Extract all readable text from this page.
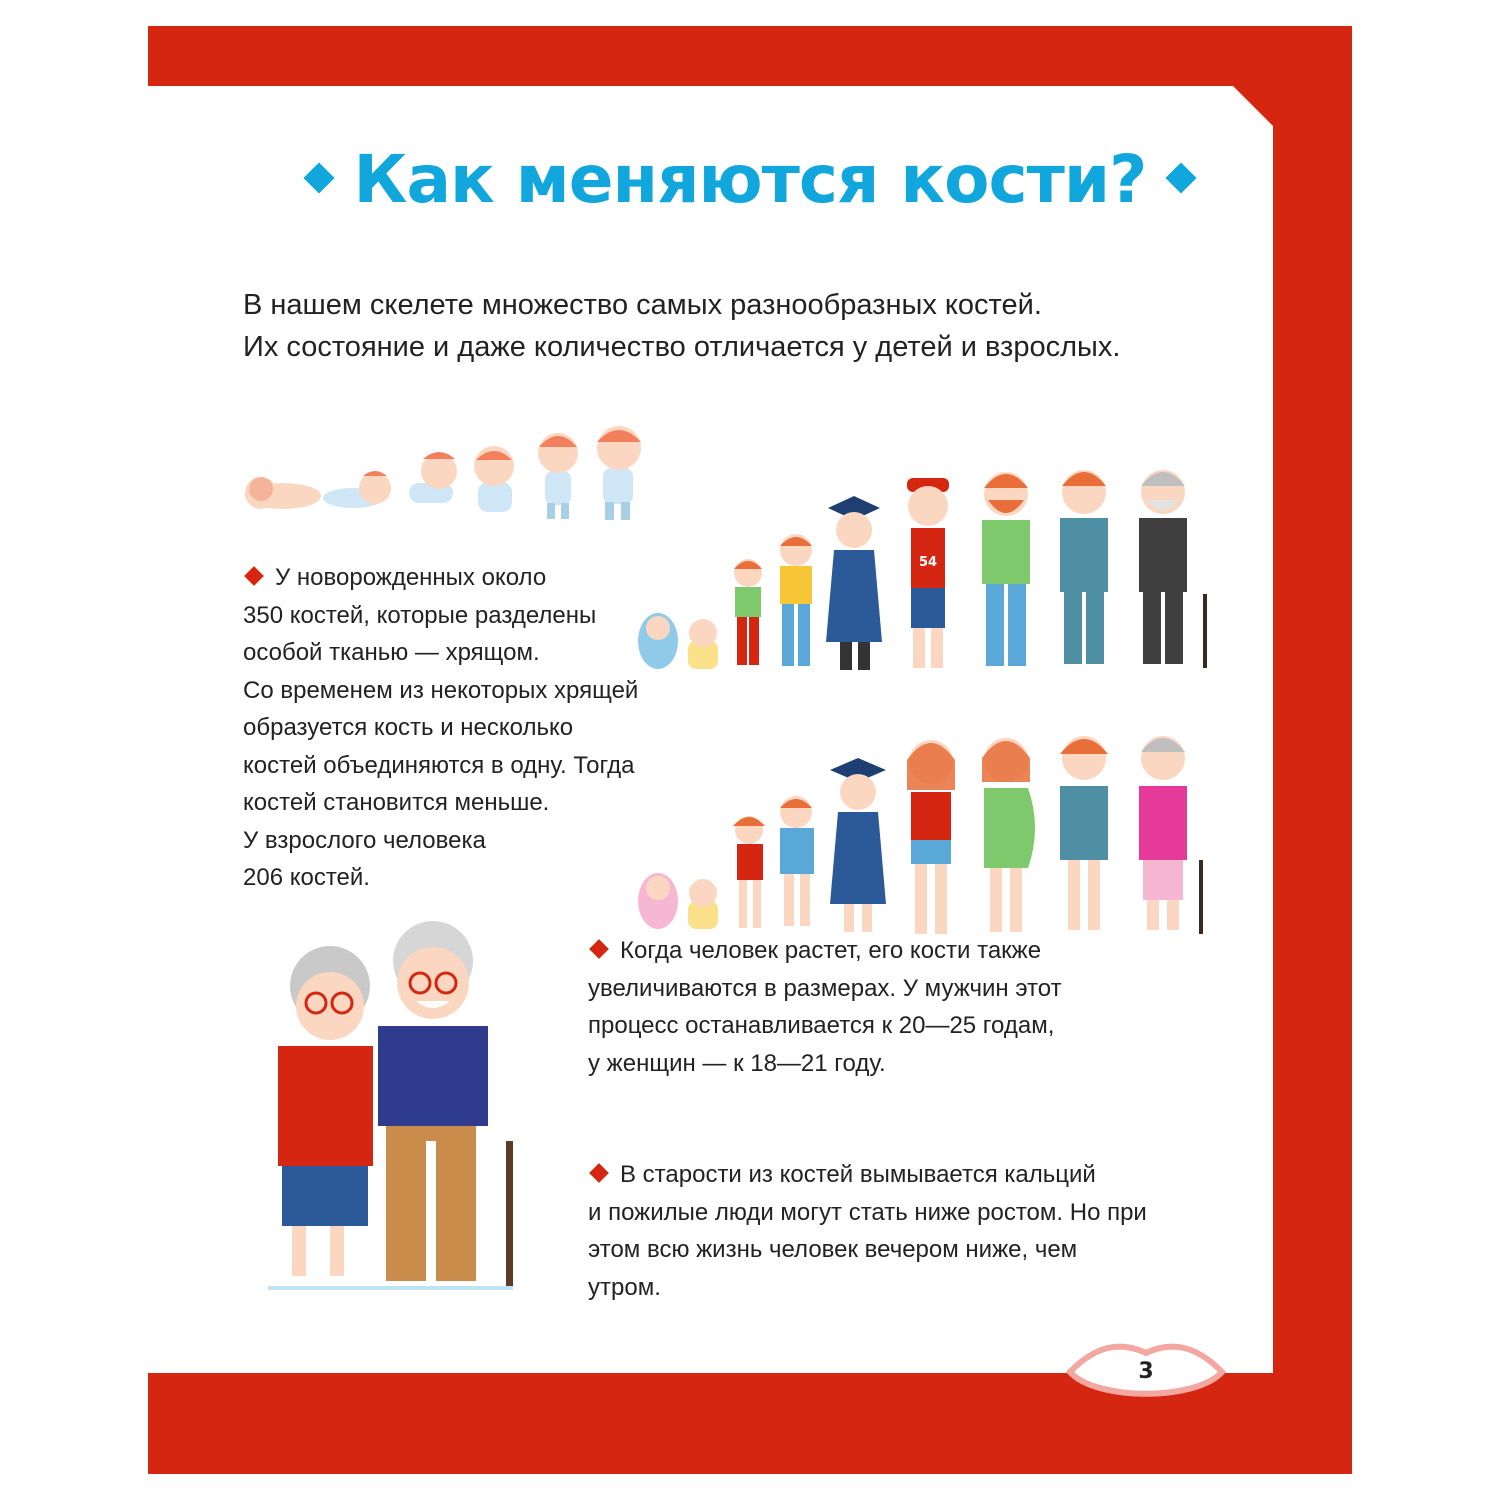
Как меняются кости?

В нашем скелете множество самых разнообразных костей.

Их состояние и даже количество отличается у детей и взрослых.

54

У новорожденных около

350 костей, которые разделены

особой тканью — хрящом.

Со временем из некоторых хрящей

образуется кость и несколько

костей объединяются в одну. Тогда

костей становится меньше.

У взрослого человека

206 костей.

Когда человек растет, его кости также

увеличиваются в размерах. У мужчин этот

процесс останавливается к 20—25 годам,

у женщин — к 18—21 году.

В старости из костей вымывается кальций

и пожилые люди могут стать ниже ростом. Но при

этом всю жизнь человек вечером ниже, чем

утром.

3
